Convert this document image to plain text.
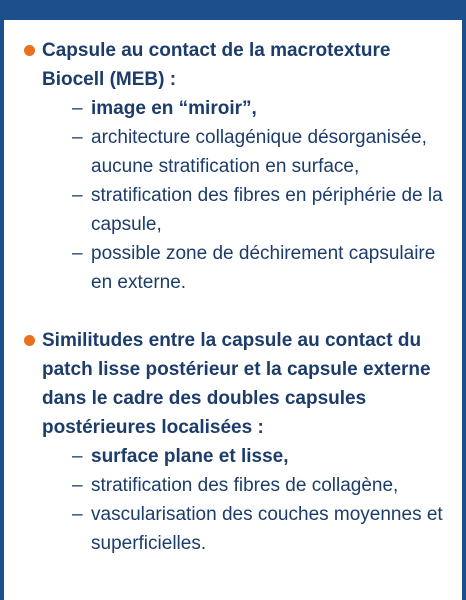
Capsule au contact de la macrotexture Biocell (MEB) :

– image en “miroir”,
– architecture collagénique désorganisée, aucune stratification en surface,
– stratification des fibres en périphérie de la capsule,
– possible zone de déchirement capsulaire en externe.

Similitudes entre la capsule au contact du patch lisse postérieur et la capsule externe dans le cadre des doubles capsules postérieures localisées :

– surface plane et lisse,
– stratification des fibres de collagène,
– vascularisation des couches moyennes et superficielles.
